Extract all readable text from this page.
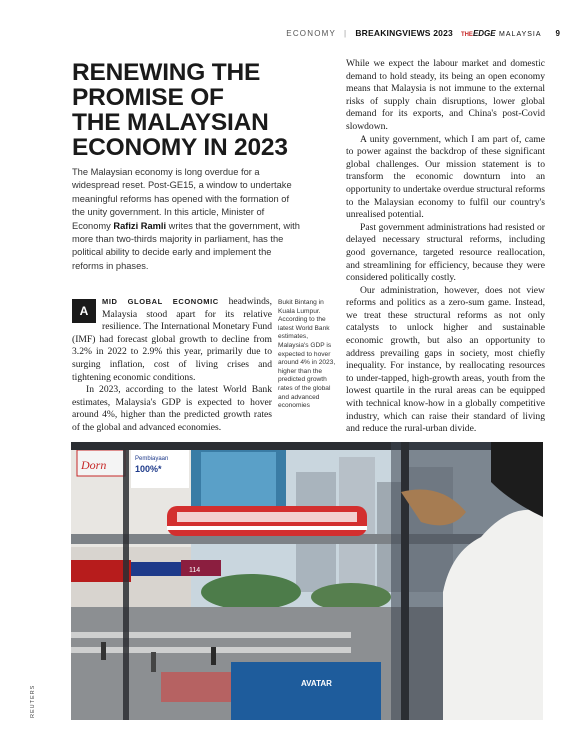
ECONOMY | BREAKINGVIEWS 2023 THEEDGE MALAYSIA 9
RENEWING THE
PROMISE OF
THE MALAYSIAN
ECONOMY IN 2023
The Malaysian economy is long overdue for a widespread reset. Post-GE15, a window to undertake meaningful reforms has opened with the formation of the unity government. In this article, Minister of Economy Rafizi Ramli writes that the government, with more than two-thirds majority in parliament, has the political ability to decide early and implement the reforms in phases.

A
MID GLOBAL ECONOMIC headwinds, Malaysia stood apart for its relative resilience. The International Monetary Fund (IMF) had forecast global growth to decline from 3.2% in 2022 to 2.9% this year, primarily due to surging inflation, cost of living crises and tightening economic conditions.

In 2023, according to the latest World Bank estimates, Malaysia's GDP is expected to hover around 4%, higher than the predicted growth rates of the global and advanced economies.

Bukit Bintang in Kuala Lumpur. According to the latest World Bank estimates, Malaysia's GDP is expected to hover around 4% in 2023, higher than the predicted growth rates of the global and advanced economies

While we expect the labour market and domestic demand to hold steady, its being an open economy means that Malaysia is not immune to the external risks of supply chain disruptions, lower global demand for its exports, and China's post-Covid slowdown.

A unity government, which I am part of, came to power against the backdrop of these significant global challenges. Our mission statement is to transform the economic downturn into an opportunity to undertake overdue structural reforms to the Malaysian economy to fulfil our country's unrealised potential.

Past government administrations had resisted or delayed necessary structural reforms, including good governance, targeted resource reallocation, and streamlining for efficiency, because they were considered politically costly.

Our administration, however, does not view reforms and politics as a zero-sum game. Instead, we treat these structural reforms as not only catalysts to unlock higher and sustainable economic growth, but also an opportunity to address prevailing gaps in society, most chiefly inequality. For instance, by reallocating resources to under-tapped, high-growth areas, youth from the lowest quartile in the rural areas can be equipped with technical know-how in a globally competitive industry, which can raise their standard of living and reduce the rural-urban divide.

Dorn	Pembiayaan
100%*
114
AVATAR
REUTERS
